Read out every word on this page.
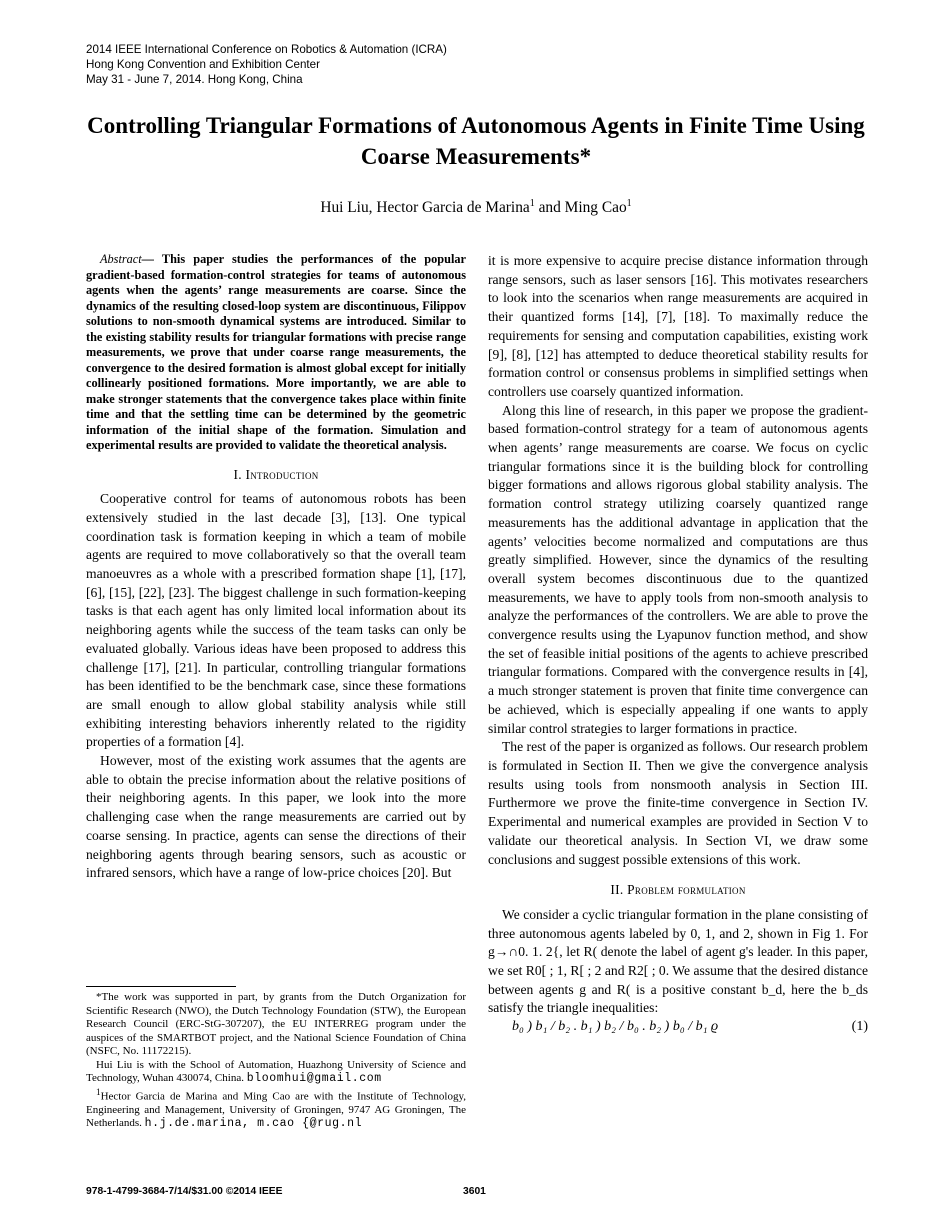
2014 IEEE International Conference on Robotics & Automation (ICRA)
Hong Kong Convention and Exhibition Center
May 31 - June 7, 2014. Hong Kong, China
Controlling Triangular Formations of Autonomous Agents in Finite Time Using Coarse Measurements*
Hui Liu, Hector Garcia de Marina$^1$ and Ming Cao$^1$

Abstract— This paper studies the performances of the popular gradient-based formation-control strategies for teams of autonomous agents when the agents’ range measurements are coarse. Since the dynamics of the resulting closed-loop system are discontinuous, Filippov solutions to non-smooth dynamical systems are introduced. Similar to the existing stability results for triangular formations with precise range measurements, we prove that under coarse range measurements, the convergence to the desired formation is almost global except for initially collinearly positioned formations. More importantly, we are able to make stronger statements that the convergence takes place within finite time and that the settling time can be determined by the geometric information of the initial shape of the formation. Simulation and experimental results are provided to validate the theoretical analysis.

I. Introduction

Cooperative control for teams of autonomous robots has been extensively studied in the last decade [3], [13]. One typical coordination task is formation keeping in which a team of mobile agents are required to move collaboratively so that the overall team manoeuvres as a whole with a prescribed formation shape [1], [17], [6], [15], [22], [23]. The biggest challenge in such formation-keeping tasks is that each agent has only limited local information about its neighboring agents while the success of the team tasks can only be evaluated globally. Various ideas have been proposed to address this challenge [17], [21]. In particular, controlling triangular formations has been identified to be the benchmark case, since these formations are small enough to allow global stability analysis while still exhibiting interesting behaviors inherently related to the rigidity properties of a formation [4].

However, most of the existing work assumes that the agents are able to obtain the precise information about the relative positions of their neighboring agents. In this paper, we look into the more challenging case when the range measurements are carried out by coarse sensing. In practice, agents can sense the directions of their neighboring agents through bearing sensors, such as acoustic or infrared sensors, which have a range of low-price choices [20]. But

*The work was supported in part, by grants from the Dutch Organization for Scientific Research (NWO), the Dutch Technology Foundation (STW), the European Research Council (ERC-StG-307207), the EU INTERREG program under the auspices of the SMARTBOT project, and the National Science Foundation of China (NSFC, No. 11172215).

Hui Liu is with the School of Automation, Huazhong University of Science and Technology, Wuhan 430074, China. bloomhui@gmail.com

$^1$Hector Garcia de Marina and Ming Cao are with the Institute of Technology, Engineering and Management, University of Groningen, 9747 AG Groningen, The Netherlands. h.j.de.marina, m.cao {@rug.nl

it is more expensive to acquire precise distance information through range sensors, such as laser sensors [16]. This motivates researchers to look into the scenarios when range measurements are acquired in their quantized forms [14], [7], [18]. To maximally reduce the requirements for sensing and computation capabilities, existing work [9], [8], [12] has attempted to deduce theoretical stability results for formation control or consensus problems in simplified settings when controllers use coarsely quantized information.

Along this line of research, in this paper we propose the gradient-based formation-control strategy for a team of autonomous agents when agents’ range measurements are coarse. We focus on cyclic triangular formations since it is the building block for controlling bigger formations and allows rigorous global stability analysis. The formation control strategy utilizing coarsely quantized range measurements has the additional advantage in application that the agents’ velocities become normalized and computations are thus greatly simplified. However, since the dynamics of the resulting overall system becomes discontinuous due to the quantized measurements, we have to apply tools from non-smooth analysis to analyze the performances of the controllers. We are able to prove the convergence results using the Lyapunov function method, and show the set of feasible initial positions of the agents to achieve prescribed triangular formations. Compared with the convergence results in [4], a much stronger statement is proven that finite time convergence can be achieved, which is especially appealing if one wants to apply similar control strategies to larger formations in practice.

The rest of the paper is organized as follows. Our research problem is formulated in Section II. Then we give the convergence analysis results using tools from nonsmooth analysis in Section III. Furthermore we prove the finite-time convergence in Section IV. Experimental and numerical examples are provided in Section V to validate our theoretical analysis. In Section VI, we draw some conclusions and suggest possible extensions of this work.

II. Problem formulation

We consider a cyclic triangular formation in the plane consisting of three autonomous agents labeled by 0, 1, and 2, shown in Fig 1. For g→∩0. 1. 2{, let R( denote the label of agent g's leader. In this paper, we set R0[ ; 1, R[ ; 2 and R2[ ; 0. We assume that the desired distance between agents g and R( is a positive constant b_d, here the b_ds satisfy the triangle inequalities:

b₀ ) b₁ / b₂ . b₁ ) b₂ / b₀ . b₂ ) b₀ / b₁ ϱ	(1)

978-1-4799-3684-7/14/$31.00 ©2014 IEEE	3601
